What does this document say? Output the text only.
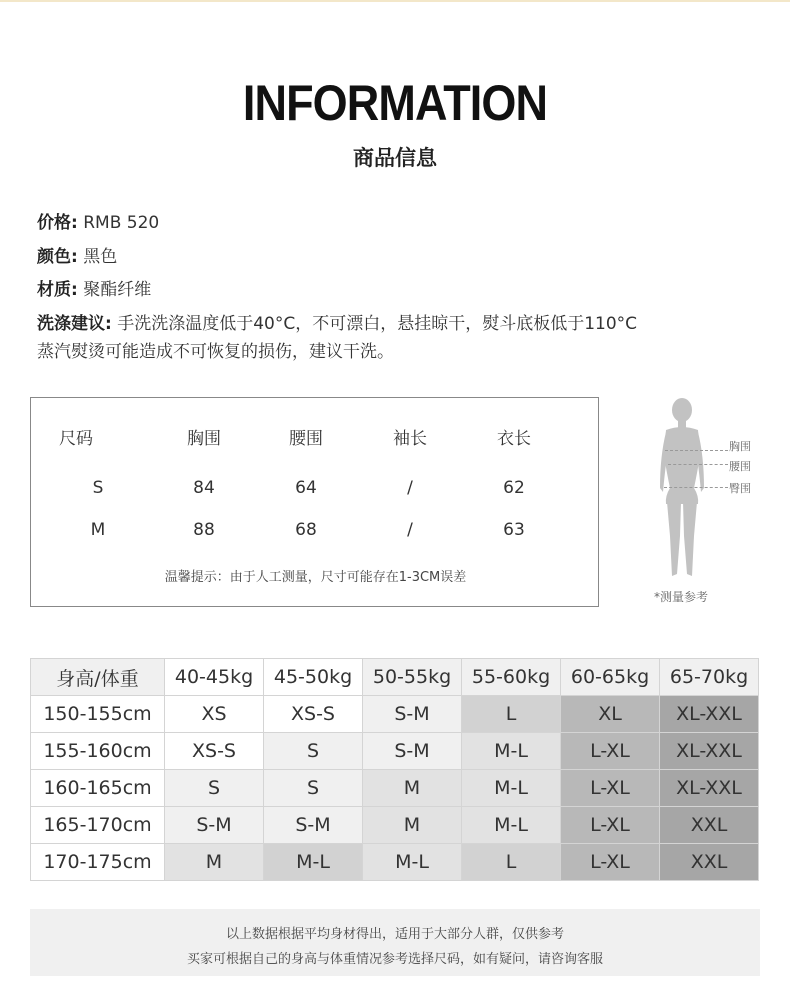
INFORMATION
商品信息
价格: RMB 520
颜色: 黑色
材质: 聚酯纤维
洗涤建议: 手洗洗涤温度低于40°C，不可漂白，悬挂晾干，熨斗底板低于110°C
蒸汽熨烫可能造成不可恢复的损伤，建议干洗。
尺码	胸围	腰围	袖长	衣长
S	84	64	/	62
M	88	68	/	63
温馨提示：由于人工测量，尺寸可能存在1-3CM误差
胸围
腰围
臀围
*测量参考
身高/体重	40-45kg	45-50kg	50-55kg	55-60kg	60-65kg	65-70kg
150-155cm	XS	XS-S	S-M	L	XL	XL-XXL
155-160cm	XS-S	S	S-M	M-L	L-XL	XL-XXL
160-165cm	S	S	M	M-L	L-XL	XL-XXL
165-170cm	S-M	S-M	M	M-L	L-XL	XXL
170-175cm	M	M-L	M-L	L	L-XL	XXL
以上数据根据平均身材得出，适用于大部分人群，仅供参考
买家可根据自己的身高与体重情况参考选择尺码，如有疑问，请咨询客服
